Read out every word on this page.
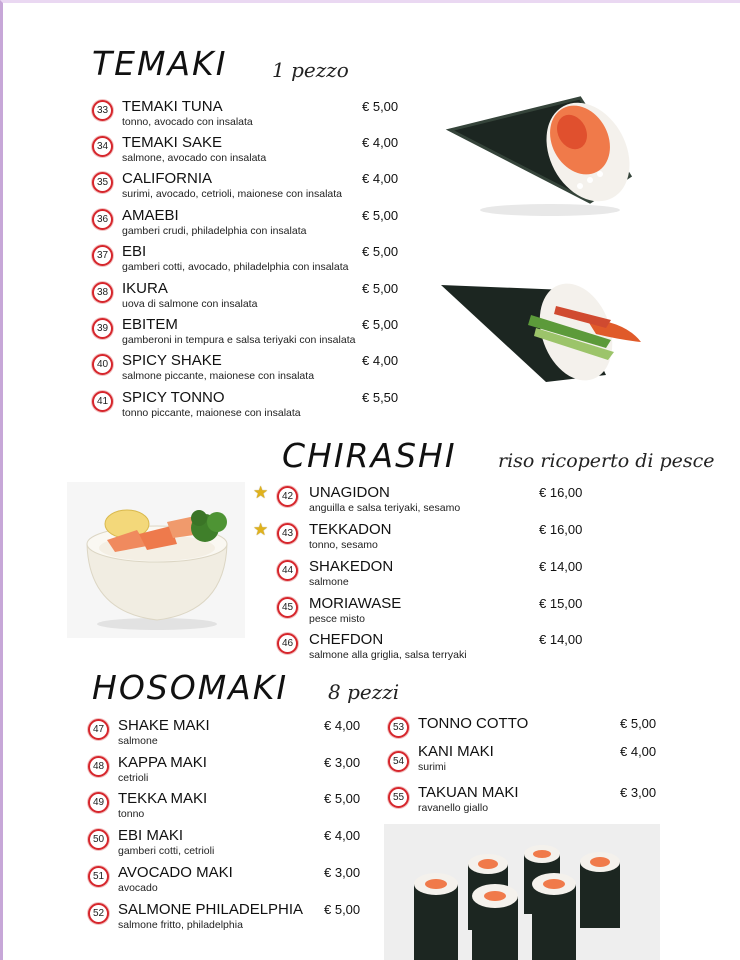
TEMAKI 1 pezzo
33 TEMAKI TUNA
tonno, avocado con insalata
€ 5,00
34 TEMAKI SAKE
salmone, avocado con insalata
€ 4,00
35 CALIFORNIA
surimi, avocado, cetrioli, maionese con insalata
€ 4,00
36 AMAEBI
gamberi crudi, philadelphia con insalata
€ 5,00
37 EBI
gamberi cotti, avocado, philadelphia con insalata
€ 5,00
38 IKURA
uova di salmone con insalata
€ 5,00
39 EBITEM
gamberoni in tempura e salsa teriyaki con insalata
€ 5,00
40 SPICY SHAKE
salmone piccante, maionese con insalata
€ 4,00
41 SPICY TONNO
tonno piccante, maionese con insalata
€ 5,50
CHIRASHI riso ricoperto di pesce
★	42	UNAGIDON
anguilla e salsa teriyaki, sesamo
€ 16,00
★	43	TEKKADON
tonno, sesamo
€ 16,00
44	SHAKEDON
salmone
€ 14,00
45	MORIAWASE
pesce misto
€ 15,00
46	CHEFDON
salmone alla griglia, salsa terryaki
€ 14,00
HOSOMAKI 8 pezzi
47 SHAKE MAKI
salmone
€ 4,00
48 KAPPA MAKI
cetrioli
€ 3,00
49 TEKKA MAKI
tonno
€ 5,00
50 EBI MAKI
gamberi cotti, cetrioli
€ 4,00
51 AVOCADO MAKI
avocado
€ 3,00
52 SALMONE PHILADELPHIA
salmone fritto, philadelphia
€ 5,00
53 TONNO COTTO	€ 5,00
54
KANI MAKI
surimi
€ 4,00
55 TAKUAN MAKI
ravanello giallo
€ 3,00
